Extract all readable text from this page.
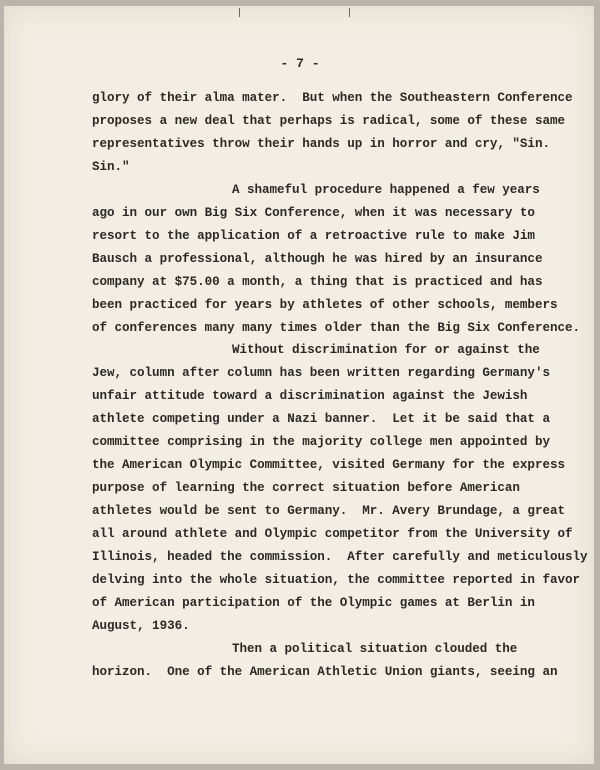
- 7 -
glory of their alma mater.  But when the Southeastern Conference
proposes a new deal that perhaps is radical, some of these same
representatives throw their hands up in horror and cry, "Sin.
Sin."
A shameful procedure happened a few years
ago in our own Big Six Conference, when it was necessary to
resort to the application of a retroactive rule to make Jim
Bausch a professional, although he was hired by an insurance
company at $75.00 a month, a thing that is practiced and has
been practiced for years by athletes of other schools, members
of conferences many many times older than the Big Six Conference.
Without discrimination for or against the
Jew, column after column has been written regarding Germany's
unfair attitude toward a discrimination against the Jewish
athlete competing under a Nazi banner.  Let it be said that a
committee comprising in the majority college men appointed by
the American Olympic Committee, visited Germany for the express
purpose of learning the correct situation before American
athletes would be sent to Germany.  Mr. Avery Brundage, a great
all around athlete and Olympic competitor from the University of
Illinois, headed the commission.  After carefully and meticulously
delving into the whole situation, the committee reported in favor
of American participation of the Olympic games at Berlin in
August, 1936.
Then a political situation clouded the
horizon.  One of the American Athletic Union giants, seeing an
